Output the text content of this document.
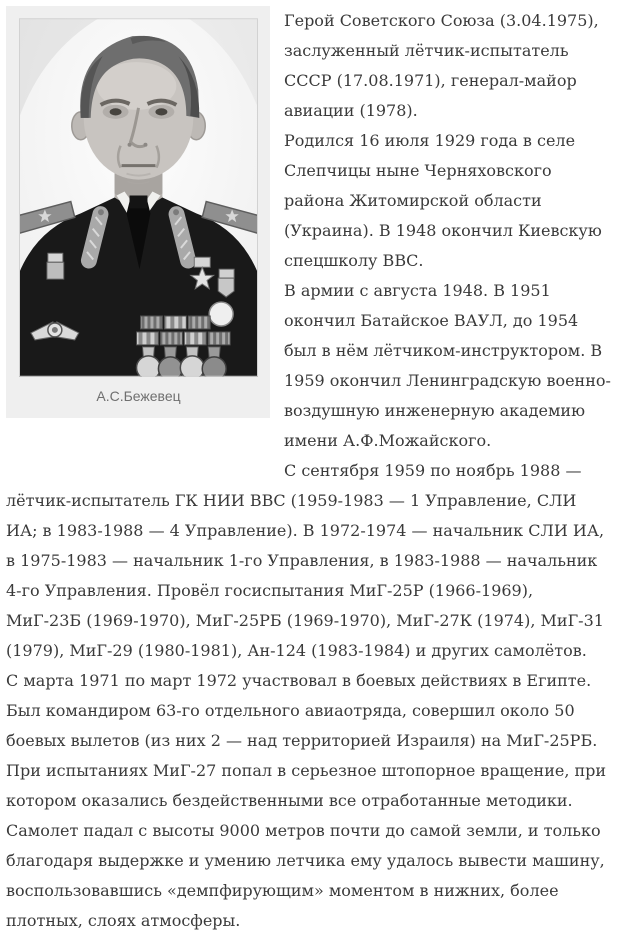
А.С.Бежевец

Герой Советского Союза (3.04.1975), заслуженный лётчик-испытатель СССР (17.08.1971), генерал-майор авиации (1978).

Родился 16 июля 1929 года в селе Слепчицы ныне Черняховского района Житомирской области (Украина). В 1948 окончил Киевскую спецшколу ВВС.

В армии с августа 1948. В 1951 окончил Батайское ВАУЛ, до 1954 был в нём лётчиком-инструктором. В 1959 окончил Ленинградскую военно-воздушную инженерную академию имени А.Ф.Можайского.

С сентября 1959 по ноябрь 1988 — лётчик-испытатель ГК НИИ ВВС (1959-1983 — 1 Управление, СЛИ ИА; в 1983-1988 — 4 Управление). В 1972-1974 — начальник СЛИ ИА, в 1975-1983 — начальник 1-го Управления, в 1983-1988 — начальник 4-го Управления. Провёл госиспытания МиГ-25Р (1966-1969), МиГ-23Б (1969-1970), МиГ-25РБ (1969-1970), МиГ-27К (1974), МиГ-31 (1979), МиГ-29 (1980-1981), Ан-124 (1983-1984) и других самолётов.

С марта 1971 по март 1972 участвовал в боевых действиях в Египте. Был командиром 63-го отдельного авиаотряда, совершил около 50 боевых вылетов (из них 2 — над территорией Израиля) на МиГ-25РБ.

При испытаниях МиГ-27 попал в серьезное штопорное вращение, при котором оказались бездейственными все отработанные методики. Самолет падал с высоты 9000 метров почти до самой земли, и только благодаря выдержке и умению летчика ему удалось вывести машину, воспользовавшись «демпфирующим» моментом в нижних, более плотных, слоях атмосферы.
